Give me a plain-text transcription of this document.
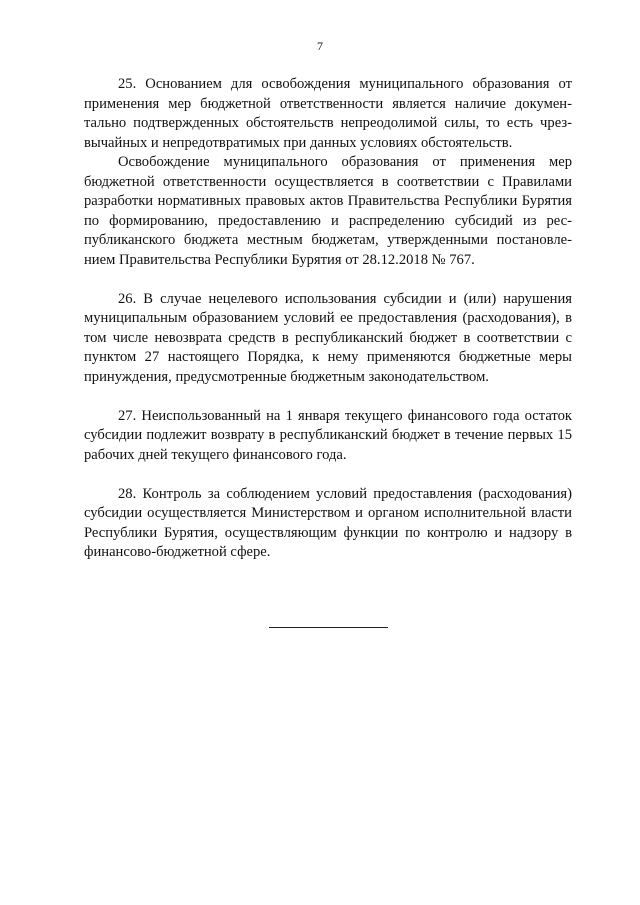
7

25. Основанием для освобождения муниципального образования от применения мер бюджетной ответственности является наличие документально подтвержденных обстоятельств непреодолимой силы, то есть чрезвычайных и непредотвратимых при данных условиях обстоятельств.

Освобождение муниципального образования от применения мер бюджетной ответственности осуществляется в соответствии с Правилами разработки нормативных правовых актов Правительства Республики Бурятия по формированию, предоставлению и распределению субсидий из республиканского бюджета местным бюджетам, утвержденными постановлением Правительства Республики Бурятия от 28.12.2018 № 767.

26. В случае нецелевого использования субсидии и (или) нарушения муниципальным образованием условий ее предоставления (расходования), в том числе невозврата средств в республиканский бюджет в соответствии с пунктом 27 настоящего Порядка, к нему применяются бюджетные меры принуждения, предусмотренные бюджетным законодательством.

27. Неиспользованный на 1 января текущего финансового года остаток субсидии подлежит возврату в республиканский бюджет в течение первых 15 рабочих дней текущего финансового года.

28. Контроль за соблюдением условий предоставления (расходования) субсидии осуществляется Министерством и органом исполнительной власти Республики Бурятия, осуществляющим функции по контролю и надзору в финансово-бюджетной сфере.
